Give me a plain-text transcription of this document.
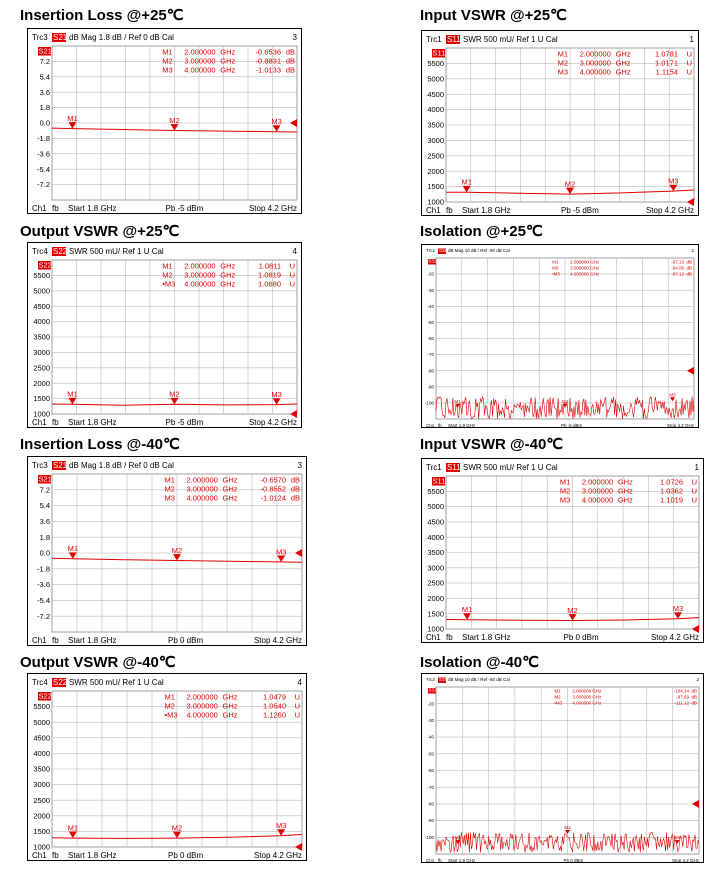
Insertion Loss @+25℃	Input VSWR @+25℃
Output VSWR @+25℃	Isolation @+25℃
Insertion Loss @-40℃	Input VSWR @-40℃
Output VSWR @-40℃	Isolation @-40℃
Trc3 S21 dB Mag 1.8 dB / Ref 0 dB Cal	3
7.2
5.4
3.6
1.8
0.0
-1.8
-3.6
-5.4
-7.2
S21	M1 2.000000 GHz	-0.6536 dB
M1
M2 3.000000 GHz	-0.8831 dB
M2
M3 4.000000 GHz	-1.0133 dB
M3
Ch1 fb Start 1.8 GHz	Pb -5 dBm	Stop 4.2 GHz
Trc1 S11 SWR 500 mU/ Ref 1 U Cal	1
5500
5000
4500
4000
3500
3000
2500
2000
1500
1000
S11	M1 2.000000 GHz	1.0781 U
M1
M2 3.000000 GHz	1.0171 U
M2
M3 4.000000 GHz	1.1154 U
M3
Ch1 fb Start 1.8 GHz	Pb -5 dBm	Stop 4.2 GHz
Trc4 S22 SWR 500 mU/ Ref 1 U Cal	4
5500
5000
4500
4000
3500
3000
2500
2000
1500
1000
S22	M1 2.000000 GHz	1.0811 U
M1
M2 3.000000 GHz	1.0819 U
M2
•M3 4.000000 GHz	1.0680 U
M3
Ch1 fb Start 1.8 GHz	Pb -5 dBm	Stop 4.2 GHz
Trc2 S31 dB Mag 10 dB / Ref -80 dB Cal	2
-20
-30
-40
-50
-60
-70
-80
-90
-100
S31	M1	2.000000 GHz	-97.13 dB
M1
M2	3.000000 GHz	-94.06 dB
M2
•M3 4.000000 GHz	-97.12 dB
M3
Ch1 fb Start 1.8 GHz	Pb -5 dBm	Stop 4.2 GHz
Trc3 S21 dB Mag 1.8 dB / Ref 0 dB Cal	3
7.2
5.4
3.6
1.8
0.0
-1.8
-3.6
-5.4
-7.2
S21	M1 2.000000 GHz	-0.6570 dB
M1
M2 3.000000 GHz	-0.8552 dB
M2
M3 4.000000 GHz	-1.0124 dB
M3
Ch1 fb Start 1.8 GHz	Pb 0 dBm	Stop 4.2 GHz
Trc1 S11 SWR 500 mU/ Ref 1 U Cal	1
5500
5000
4500
4000
3500
3000
2500
2000
1500
1000
S11	M1 2.000000 GHz	1.0726 U
M1
M2 3.000000 GHz	1.0362 U
M2
M3 4.000000 GHz	1.1019 U
M3
Ch1 fb Start 1.8 GHz	Pb 0 dBm	Stop 4.2 GHz
Trc4 S22 SWR 500 mU/ Ref 1 U Cal	4
5500
5000
4500
4000
3500
3000
2500
2000
1500
1000
S22	M1 2.000000 GHz	1.0479 U
M1
M2 3.000000 GHz	1.0540 U
M2
•M3 4.000000 GHz	1.1260 U
M3
Ch1 fb Start 1.8 GHz	Pb 0 dBm	Stop 4.2 GHz
Trc2 S31 dB Mag 10 dB / Ref -80 dB Cal	2
-20
-30
-40
-50
-60
-70
-80
-90
-100
S31	M1	2.000000 GHz	-104.14 dB
M1
M2	3.000000 GHz	-97.69 dB
M2
•M3 4.000000 GHz	-111.12 dB
M3
Ch1 fb Start 1.8 GHz	Pb 0 dBm	Stop 4.2 GHz
